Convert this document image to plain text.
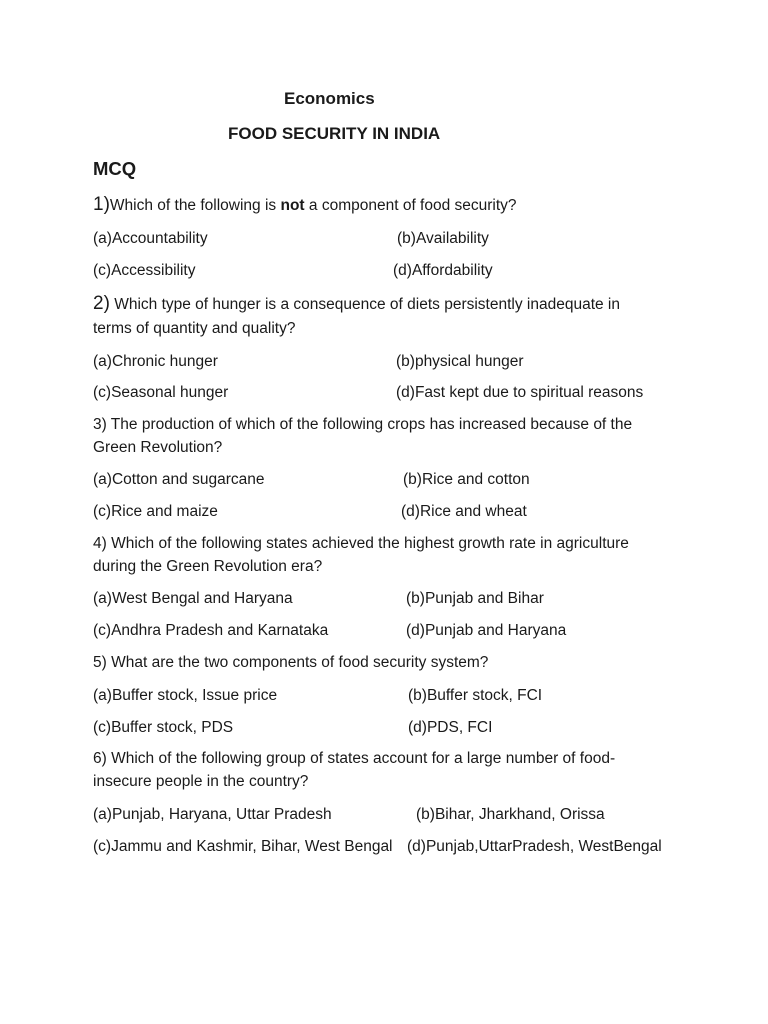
Economics
FOOD SECURITY IN INDIA
MCQ
1)Which of the following is not a component of food security?
(a)Accountability	(b)Availability
(c)Accessibility	(d)Affordability
2) Which type of hunger is a consequence of diets persistently inadequate in
terms of quantity and quality?
(a)Chronic hunger	(b)physical hunger
(c)Seasonal hunger	(d)Fast kept due to spiritual reasons
3) The production of which of the following crops has increased because of the
Green Revolution?
(a)Cotton and sugarcane	(b)Rice and cotton
(c)Rice and maize	(d)Rice and wheat
4) Which of the following states achieved the highest growth rate in agriculture
during the Green Revolution era?
(a)West Bengal and Haryana	(b)Punjab and Bihar
(c)Andhra Pradesh and Karnataka	(d)Punjab and Haryana
5) What are the two components of food security system?
(a)Buffer stock, Issue price	(b)Buffer stock, FCI
(c)Buffer stock, PDS	(d)PDS, FCI
6) Which of the following group of states account for a large number of food-
insecure people in the country?
(a)Punjab, Haryana, Uttar Pradesh	(b)Bihar, Jharkhand, Orissa
(c)Jammu and Kashmir, Bihar, West Bengal (d)Punjab,UttarPradesh, WestBengal
